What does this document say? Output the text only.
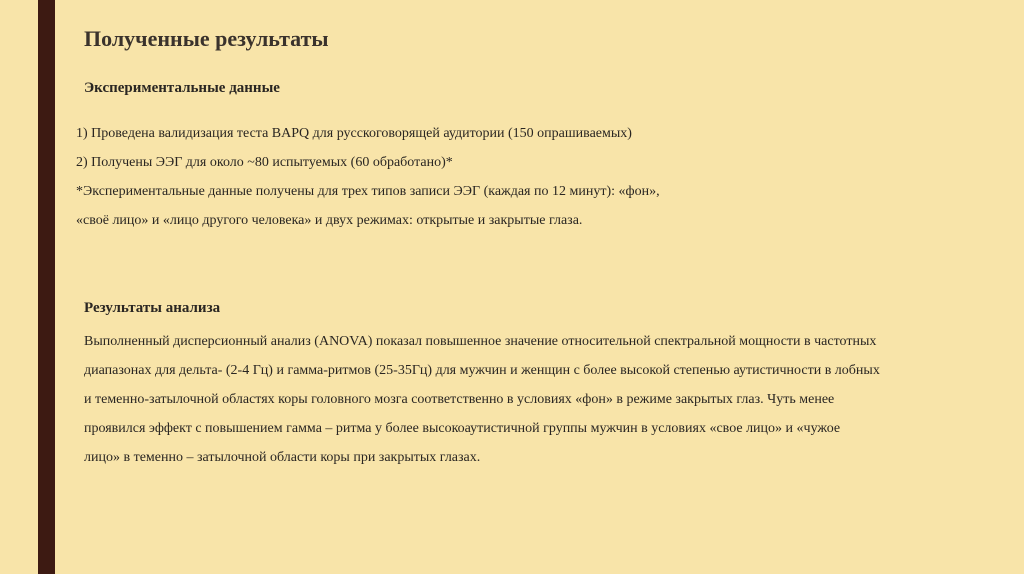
Полученные результаты
Экспериментальные данные
1) Проведена валидизация теста BAPQ для русскоговорящей аудитории (150 опрашиваемых)
2) Получены ЭЭГ для около ~80 испытуемых (60 обработано)*
*Экспериментальные данные получены для трех типов записи ЭЭГ (каждая по 12 минут): «фон»,
«своё лицо» и «лицо другого человека» и двух режимах: открытые и закрытые глаза.
Результаты анализа
Выполненный дисперсионный анализ (ANOVA) показал повышенное значение относительной спектральной мощности в частотных
диапазонах для дельта- (2-4 Гц) и гамма-ритмов (25-35Гц) для мужчин и женщин с более высокой степенью аутистичности в лобных
и теменно-затылочной областях коры головного мозга соответственно в условиях «фон» в режиме закрытых глаз. Чуть менее
проявился эффект с повышением гамма – ритма у более высокоаутистичной группы мужчин в условиях «свое лицо» и «чужое
лицо» в теменно – затылочной области коры при закрытых глазах.
